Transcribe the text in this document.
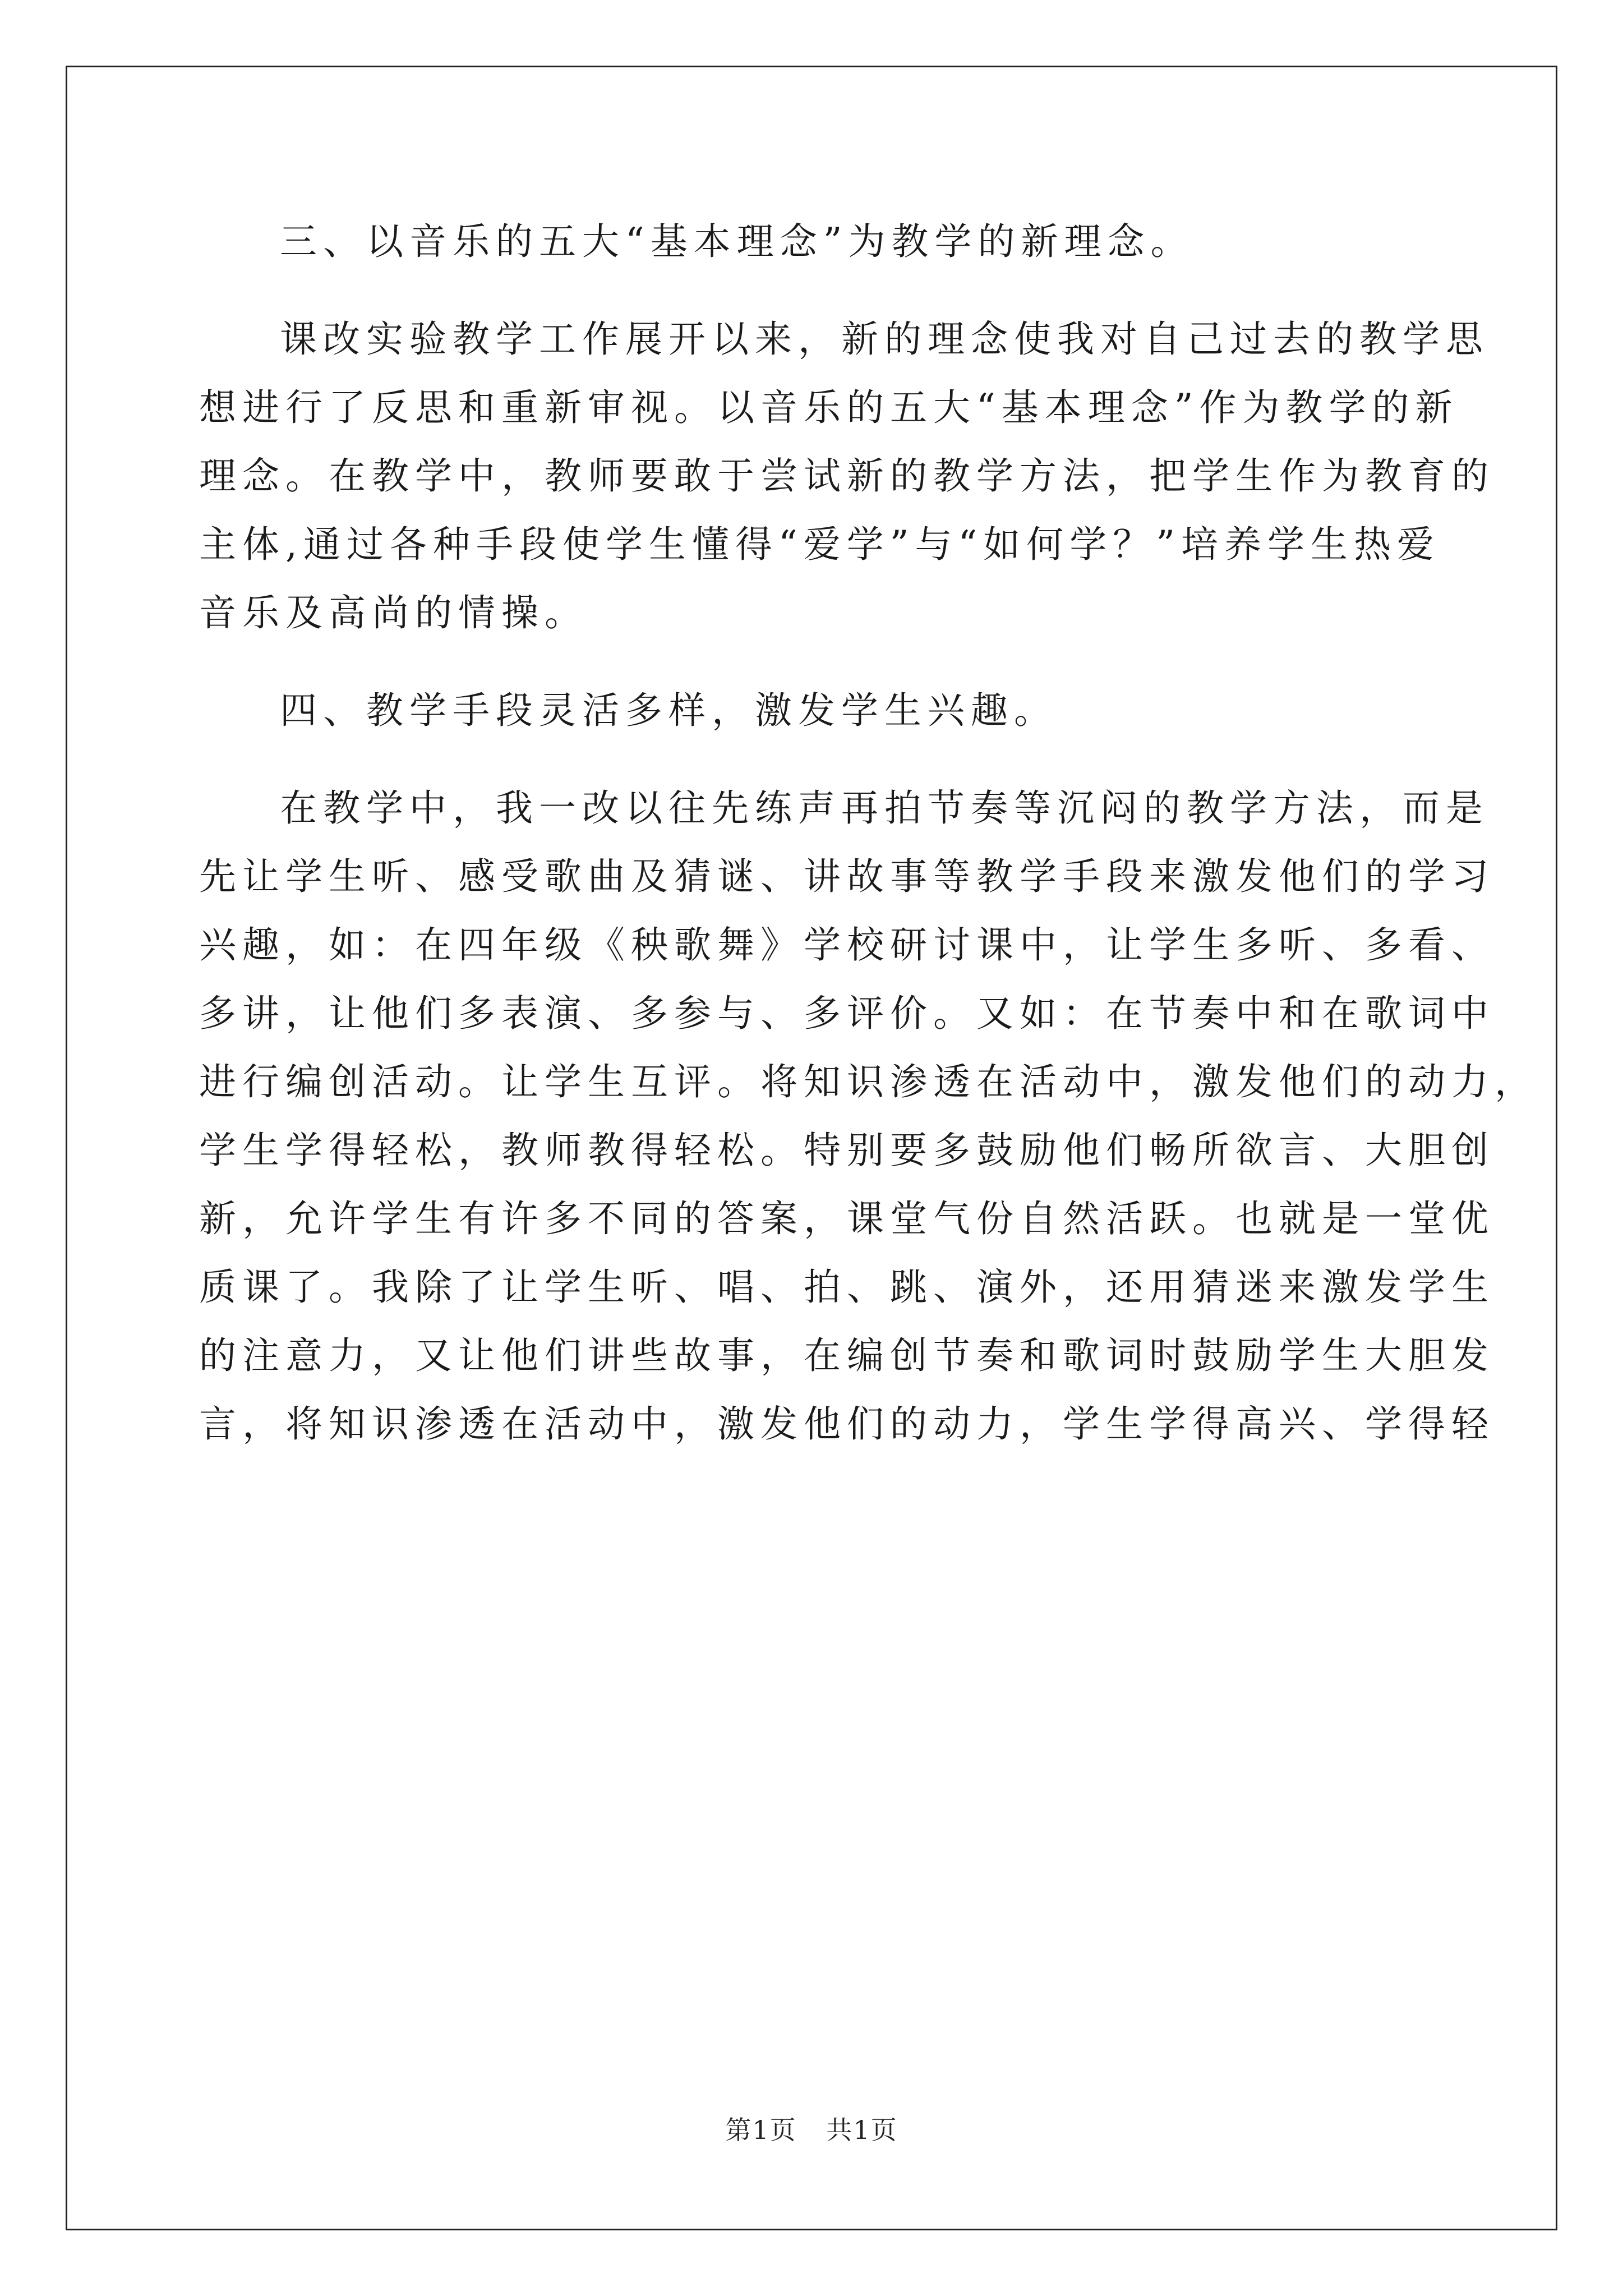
三、以音乐的五大“基本理念”为教学的新理念。

课改实验教学工作展开以来，新的理念使我对自己过去的教学思
想进行了反思和重新审视。以音乐的五大“基本理念”作为教学的新
理念。在教学中，教师要敢于尝试新的教学方法，把学生作为教育的
主体,通过各种手段使学生懂得“爱学”与“如何学？”培养学生热爱
音乐及高尚的情操。

四、教学手段灵活多样，激发学生兴趣。

在教学中，我一改以往先练声再拍节奏等沉闷的教学方法，而是
先让学生听、感受歌曲及猜谜、讲故事等教学手段来激发他们的学习
兴趣，如：在四年级《秧歌舞》学校研讨课中，让学生多听、多看、
多讲，让他们多表演、多参与、多评价。又如：在节奏中和在歌词中
进行编创活动。让学生互评。将知识渗透在活动中，激发他们的动力，
学生学得轻松，教师教得轻松。特别要多鼓励他们畅所欲言、大胆创
新，允许学生有许多不同的答案，课堂气份自然活跃。也就是一堂优
质课了。我除了让学生听、唱、拍、跳、演外，还用猜迷来激发学生
的注意力，又让他们讲些故事，在编创节奏和歌词时鼓励学生大胆发
言，将知识渗透在活动中，激发他们的动力，学生学得高兴、学得轻

第1页 共1页
